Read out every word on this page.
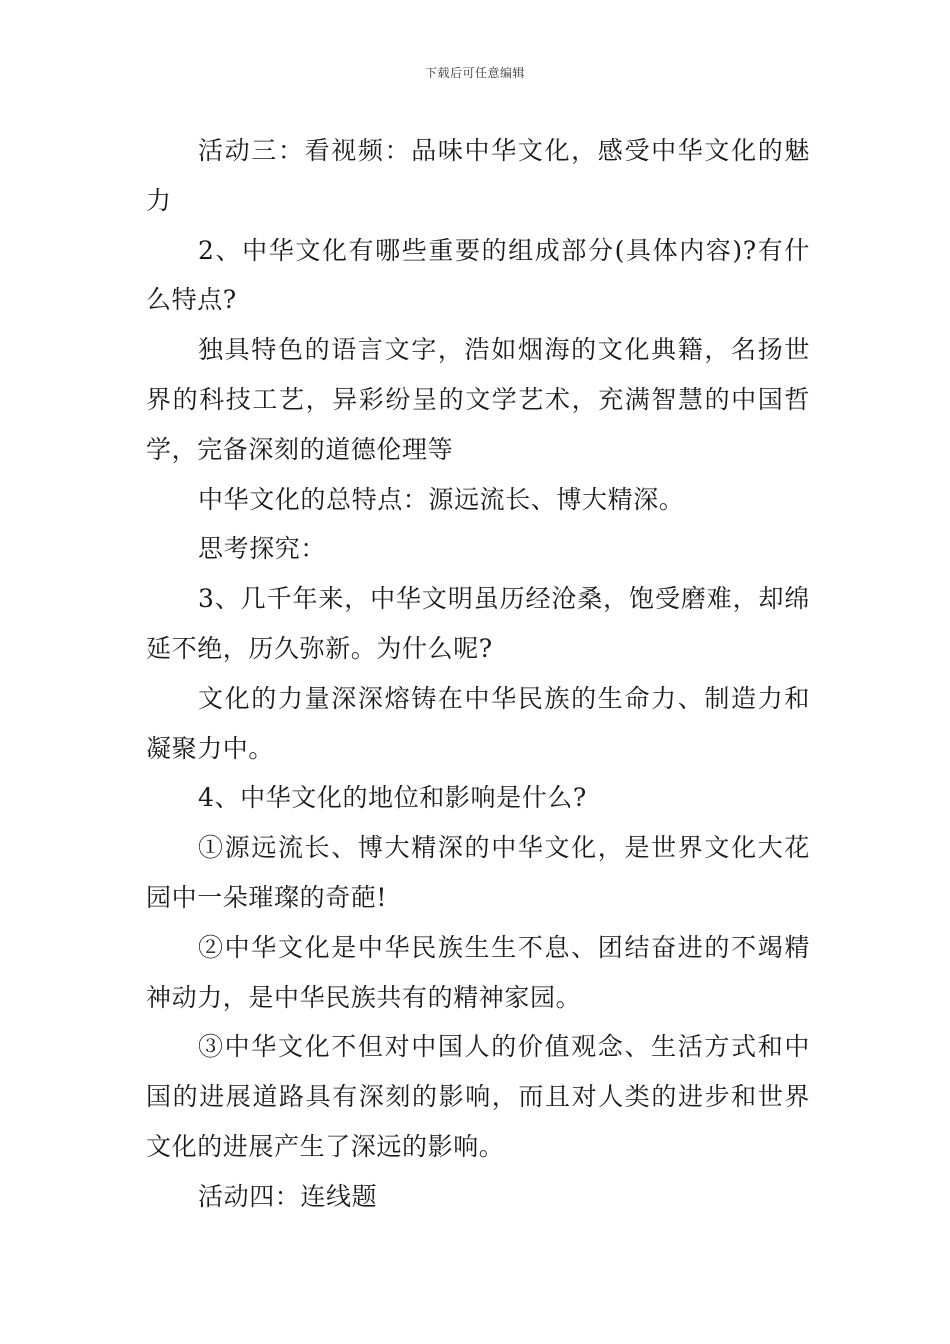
下载后可任意编辑

活动三：看视频：品味中华文化，感受中华文化的魅力

2、中华文化有哪些重要的组成部分(具体内容)?有什么特点?

独具特色的语言文字，浩如烟海的文化典籍，名扬世界的科技工艺，异彩纷呈的文学艺术，充满智慧的中国哲学，完备深刻的道德伦理等

中华文化的总特点：源远流长、博大精深。

思考探究：

3、几千年来，中华文明虽历经沧桑，饱受磨难，却绵延不绝，历久弥新。为什么呢?

文化的力量深深熔铸在中华民族的生命力、制造力和凝聚力中。

4、中华文化的地位和影响是什么?

①源远流长、博大精深的中华文化，是世界文化大花园中一朵璀璨的奇葩!

②中华文化是中华民族生生不息、团结奋进的不竭精神动力，是中华民族共有的精神家园。

③中华文化不但对中国人的价值观念、生活方式和中国的进展道路具有深刻的影响，而且对人类的进步和世界文化的进展产生了深远的影响。

活动四：连线题
